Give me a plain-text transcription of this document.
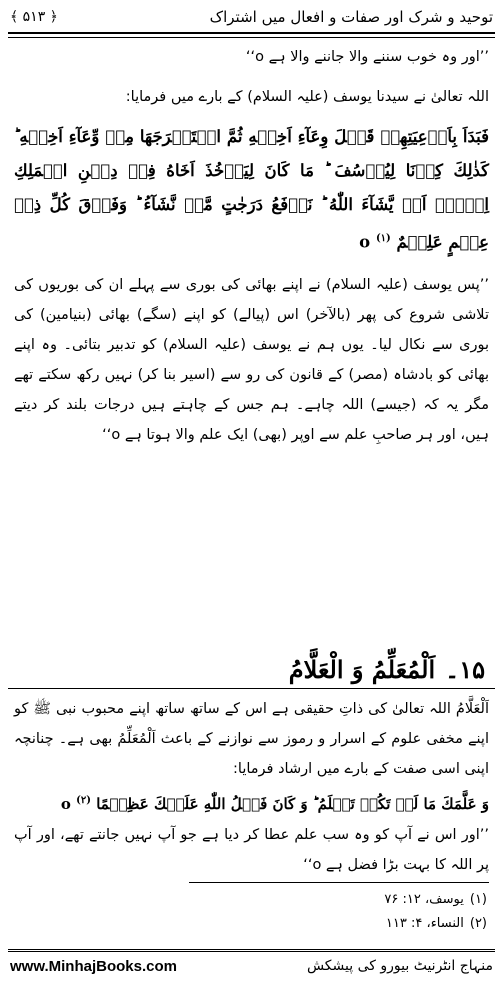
﴿ ۵۱۳ ﴾	توحید و شرک اور صفات و افعال میں اشتراک
’’اور وہ خوب سننے والا جاننے والا ہے o‘‘
اللہ تعالیٰ نے سیدنا یوسف (علیہ السلام) کے بارے میں فرمایا:
فَبَدَاَ بِاَوۡعِيَتِهِمۡ قَبۡلَ وِعَآءِ اَخِيۡهِ ثُمَّ اسۡتَخۡرَجَهَا مِنۡ وِّعَآءِ اَخِيۡهِ ؕ كَذٰلِكَ كِدۡنَا لِيُوۡسُفَ ؕ مَا كَانَ لِيَاۡخُذَ اَخَاهُ فِىۡ دِيۡنِ الۡمَلِكِ اِلَّاۤ اَنۡ يَّشَآءَ اللّٰهُ ؕ نَرۡفَعُ دَرَجٰتٍ مَّنۡ نَّشَآءُ ؕ وَفَوۡقَ كُلِّ ذِىۡ عِلۡمٍ عَلِيۡمٌ o $^{(۱)}$
’’پس یوسف (علیہ السلام) نے اپنے بھائی کی بوری سے پہلے ان کی بوریوں کی تلاشی شروع کی پھر (بالآخر) اس (پیالے) کو اپنے (سگے) بھائی (بنیامین) کی بوری سے نکال لیا۔ یوں ہم نے یوسف (علیہ السلام) کو تدبیر بتائی۔ وہ اپنے بھائی کو بادشاہ (مصر) کے قانون کی رو سے (اسیر بنا کر) نہیں رکھ سکتے تھے مگر یہ کہ (جیسے) اللہ چاہے۔ ہم جس کے چاہتے ہیں درجات بلند کر دیتے ہیں، اور ہر صاحبِ علم سے اوپر (بھی) ایک علم والا ہوتا ہے o‘‘
۱۵۔
اَلْمُعَلِّمُ وَ الْعَلَّامُ
اَلْعَلَّامُ اللہ تعالیٰ کی ذاتِ حقیقی ہے اس کے ساتھ ساتھ اپنے محبوب نبی ﷺ کو اپنے مخفی علوم کے اسرار و رموز سے نوازنے کے باعث اَلْمُعَلِّمُ بھی ہے۔ چنانچہ اپنی اسی صفت کے بارے میں ارشاد فرمایا:
وَ عَلَّمَكَ مَا لَمۡ تَكُنۡ تَعۡلَمُ ؕ وَ كَانَ فَضۡلُ اللّٰهِ عَلَيۡكَ عَظِيۡمًا o $^{(۲)}$
’’اور اس نے آپ کو وہ سب علم عطا کر دیا ہے جو آپ نہیں جانتے تھے، اور آپ پر اللہ کا بہت بڑا فضل ہے o‘‘
(۱)
یوسف، ۱۲: ۷۶
(۲)
النساء، ۴: ۱۱۳
www.MinhajBooks.com	منہاج انٹرنیٹ بیورو کی پیشکش
